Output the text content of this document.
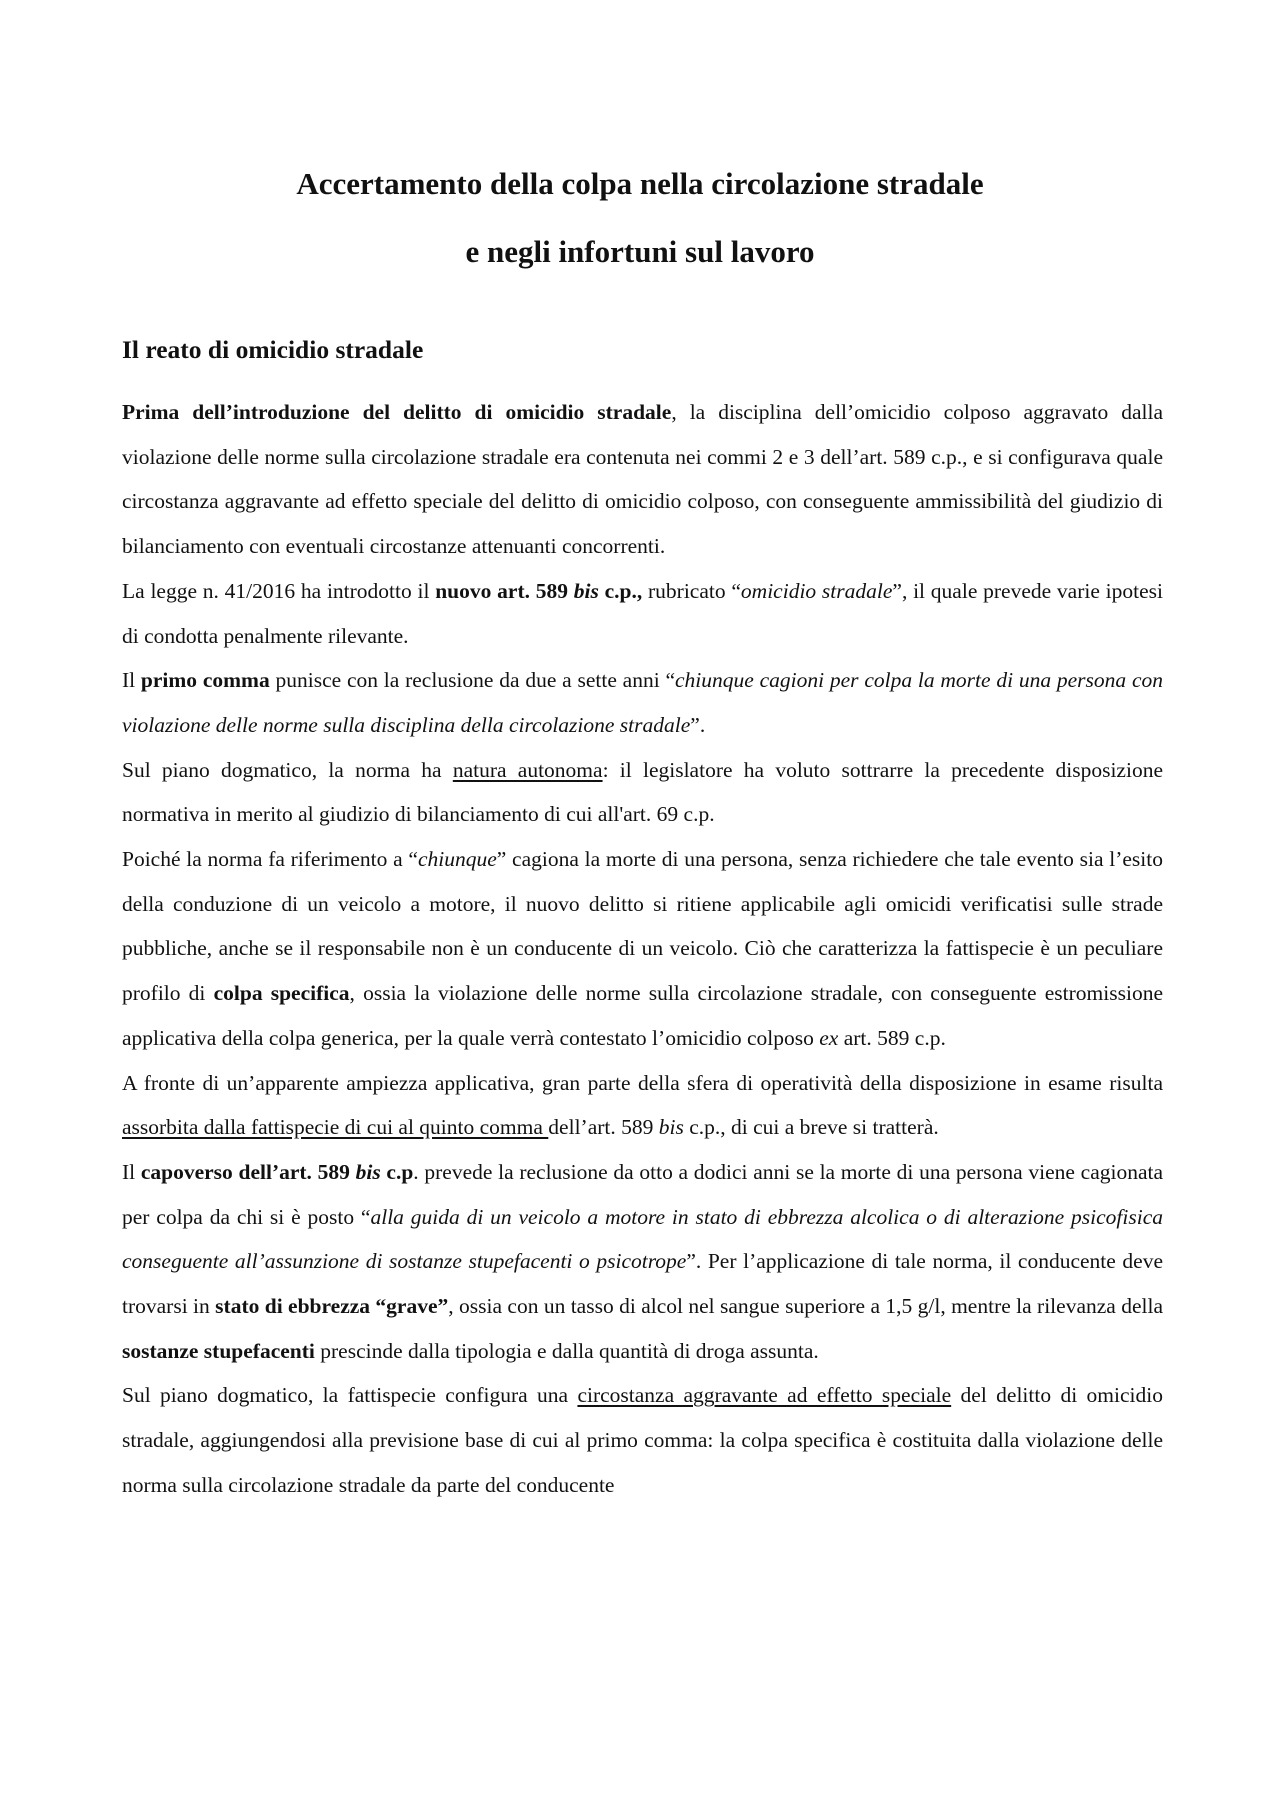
Accertamento della colpa nella circolazione stradale
e negli infortuni sul lavoro
Il reato di omicidio stradale

Prima dell’introduzione del delitto di omicidio stradale, la disciplina dell’omicidio colposo aggravato dalla violazione delle norme sulla circolazione stradale era contenuta nei commi 2 e 3 dell’art. 589 c.p., e si configurava quale circostanza aggravante ad effetto speciale del delitto di omicidio colposo, con conseguente ammissibilità del giudizio di bilanciamento con eventuali circostanze attenuanti concorrenti.

La legge n. 41/2016 ha introdotto il nuovo art. 589 bis c.p., rubricato “omicidio stradale”, il quale prevede varie ipotesi di condotta penalmente rilevante.

Il primo comma punisce con la reclusione da due a sette anni “chiunque cagioni per colpa la morte di una persona con violazione delle norme sulla disciplina della circolazione stradale”.

Sul piano dogmatico, la norma ha natura autonoma: il legislatore ha voluto sottrarre la precedente disposizione normativa in merito al giudizio di bilanciamento di cui all'art. 69 c.p.

Poiché la norma fa riferimento a “chiunque” cagiona la morte di una persona, senza richiedere che tale evento sia l’esito della conduzione di un veicolo a motore, il nuovo delitto si ritiene applicabile agli omicidi verificatisi sulle strade pubbliche, anche se il responsabile non è un conducente di un veicolo. Ciò che caratterizza la fattispecie è un peculiare profilo di colpa specifica, ossia la violazione delle norme sulla circolazione stradale, con conseguente estromissione applicativa della colpa generica, per la quale verrà contestato l’omicidio colposo ex art. 589 c.p.

A fronte di un’apparente ampiezza applicativa, gran parte della sfera di operatività della disposizione in esame risulta assorbita dalla fattispecie di cui al quinto comma dell’art. 589 bis c.p., di cui a breve si tratterà.

Il capoverso dell’art. 589 bis c.p. prevede la reclusione da otto a dodici anni se la morte di una persona viene cagionata per colpa da chi si è posto “alla guida di un veicolo a motore in stato di ebbrezza alcolica o di alterazione psicofisica conseguente all’assunzione di sostanze stupefacenti o psicotrope”. Per l’applicazione di tale norma, il conducente deve trovarsi in stato di ebbrezza “grave”, ossia con un tasso di alcol nel sangue superiore a 1,5 g/l, mentre la rilevanza della sostanze stupefacenti prescinde dalla tipologia e dalla quantità di droga assunta.

Sul piano dogmatico, la fattispecie configura una circostanza aggravante ad effetto speciale del delitto di omicidio stradale, aggiungendosi alla previsione base di cui al primo comma: la colpa specifica è costituita dalla violazione delle norma sulla circolazione stradale da parte del conducente
